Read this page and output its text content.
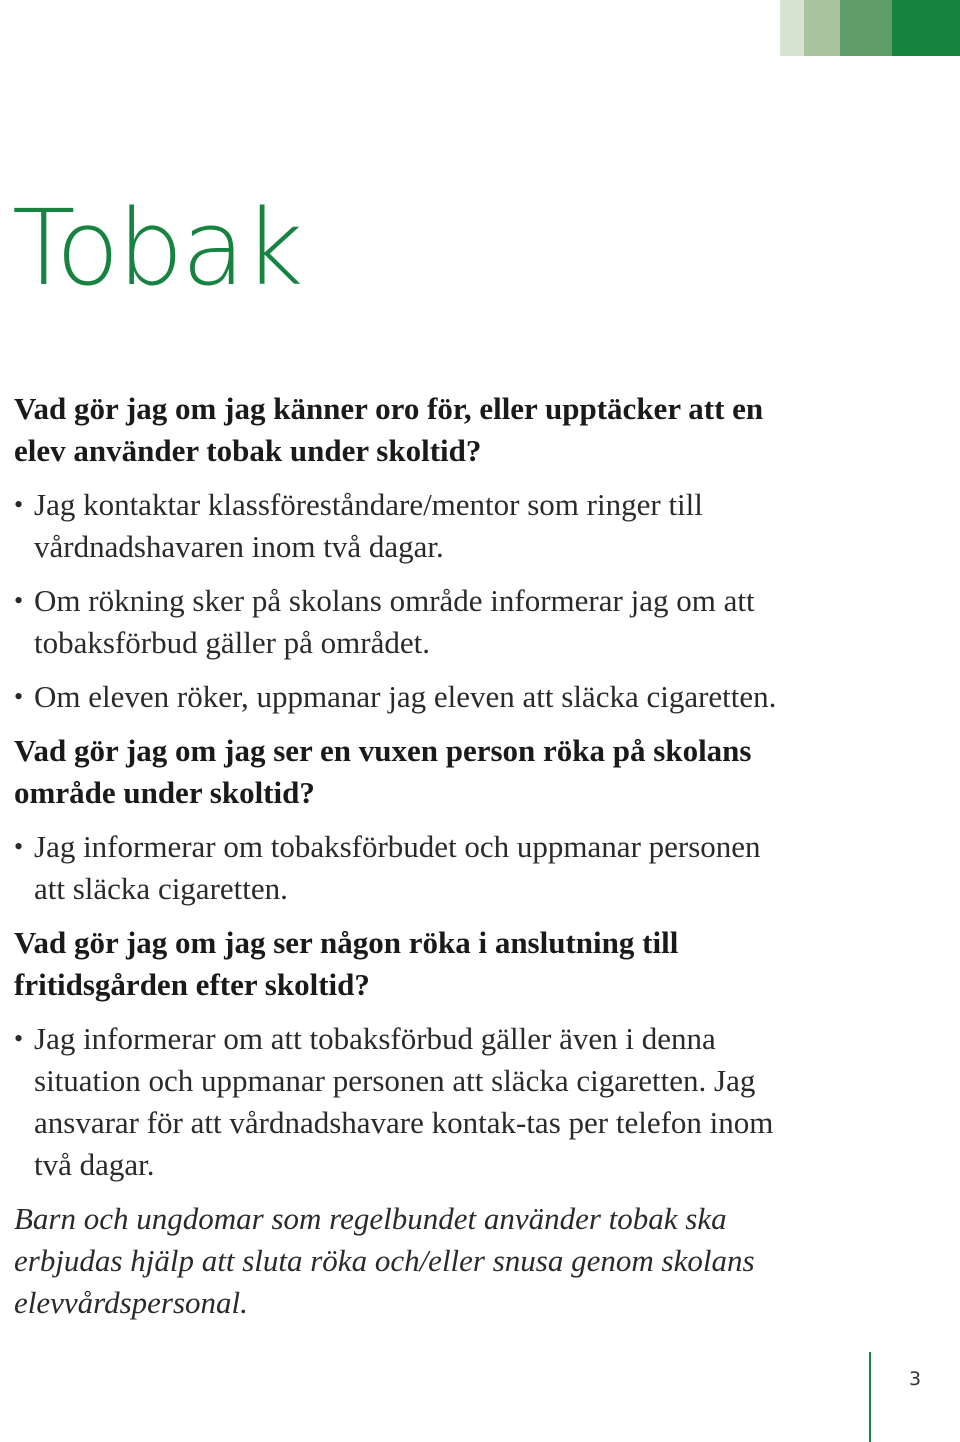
Tobak

Vad gör jag om jag känner oro för, eller upptäcker att en elev använder tobak under skoltid?

• Jag kontaktar klassföreståndare/mentor som ringer till vårdnadshavaren inom två dagar.
• Om rökning sker på skolans område informerar jag om att tobaksförbud gäller på området.
• Om eleven röker, uppmanar jag eleven att släcka cigaretten.

Vad gör jag om jag ser en vuxen person röka på skolans område under skoltid?

• Jag informerar om tobaksförbudet och uppmanar personen att släcka cigaretten.

Vad gör jag om jag ser någon röka i anslutning till fritidsgården efter skoltid?

• Jag informerar om att tobaksförbud gäller även i denna situation och uppmanar personen att släcka cigaretten. Jag ansvarar för att vårdnadshavare kontak-tas per telefon inom två dagar.

Barn och ungdomar som regelbundet använder tobak ska erbjudas hjälp att sluta röka och/eller snusa genom skolans elevvårdspersonal.

3
